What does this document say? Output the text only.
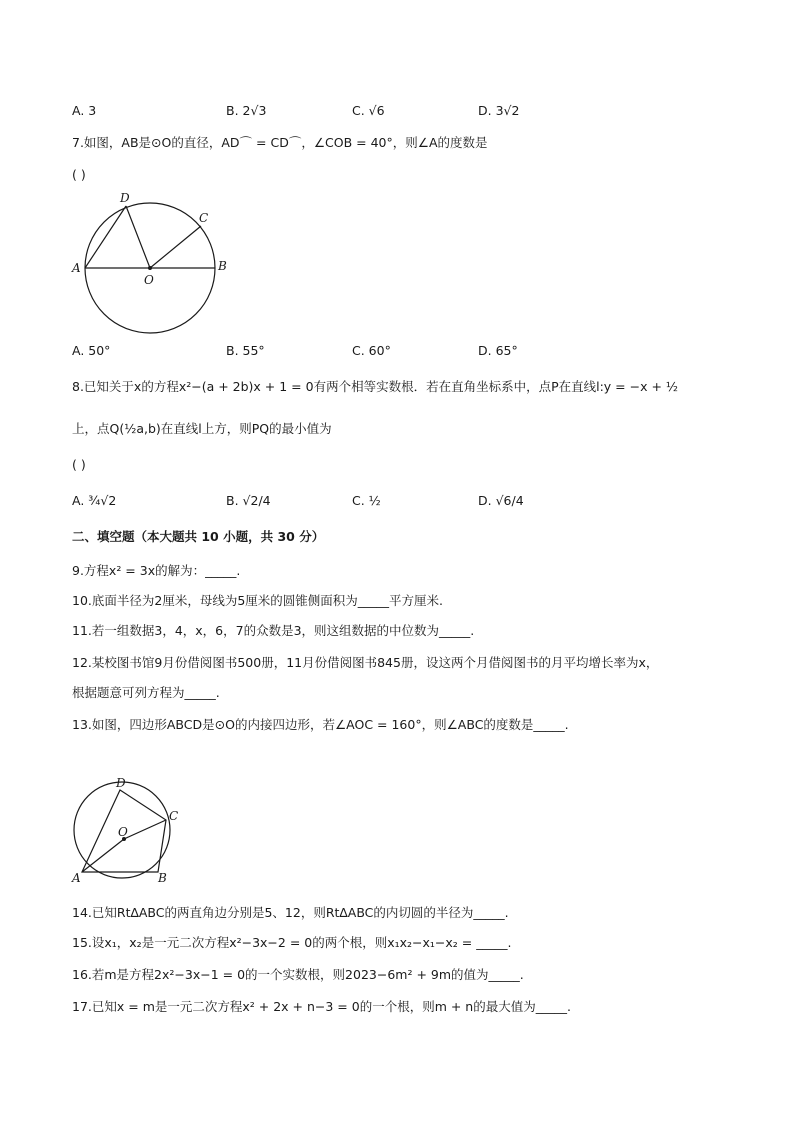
A. 3	B. 2√3	C. √6	D. 3√2
7.如图，AB是⊙O的直径，AD⌒ = CD⌒，∠COB = 40°，则∠A的度数是
( )
A	B
C
D
O
A. 50°	B. 55°	C. 60°	D. 65°
8.已知关于x的方程x²−(a + 2b)x + 1 = 0有两个相等实数根．若在直角坐标系中，点P在直线l:y = −x + ½
上，点Q(½a,b)在直线l上方，则PQ的最小值为
( )
A. ¾√2	B. √2/4	C. ½	D. √6/4
二、填空题（本大题共 10 小题，共 30 分）
9.方程x² = 3x的解为：_____.
10.底面半径为2厘米，母线为5厘米的圆锥侧面积为_____平方厘米.
11.若一组数据3，4，x，6，7的众数是3，则这组数据的中位数为_____.
12.某校图书馆9月份借阅图书500册，11月份借阅图书845册，设这两个月借阅图书的月平均增长率为x，
根据题意可列方程为_____.
13.如图，四边形ABCD是⊙O的内接四边形，若∠AOC = 160°，则∠ABC的度数是_____.
A	B
C
D
O
14.已知Rt∆ABC的两直角边分别是5、12，则Rt∆ABC的内切圆的半径为_____.
15.设x₁，x₂是一元二次方程x²−3x−2 = 0的两个根，则x₁x₂−x₁−x₂ = _____.
16.若m是方程2x²−3x−1 = 0的一个实数根，则2023−6m² + 9m的值为_____.
17.已知x = m是一元二次方程x² + 2x + n−3 = 0的一个根，则m + n的最大值为_____.
